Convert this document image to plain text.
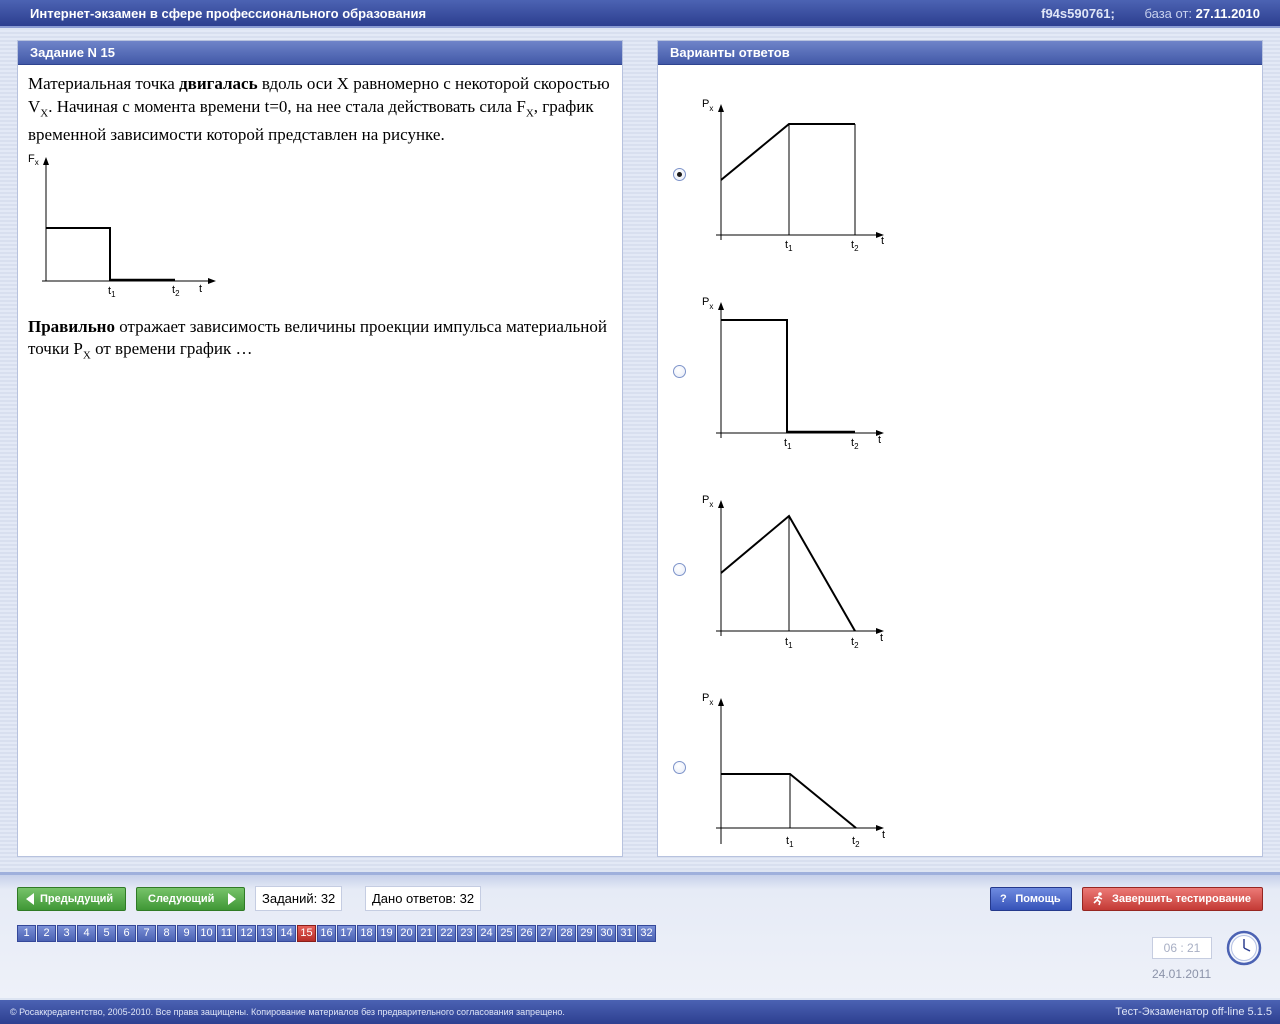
Интернет-экзамен в сфере профессионального образования	f94s590761; база от: 27.11.2010
Задание N 15
Материальная точка двигалась вдоль оси X равномерно с некоторой скоростью $V_X$. Начиная с момента времени t=0, на нее стала действовать сила $F_X$, график временной зависимости которой представлен на рисунке.
$F_x$
$t_1$	$t_2$ t
Правильно отражает зависимость величины проекции импульса материальной точки $P_X$ от времени график …
Варианты ответов
$P_x$
$t_1$	$t_2$
t
$P_x$
$t_1$	$t_2$
t
$P_x$
$t_1$	$t_2$
t
$P_x$
$t_1$	$t_2$
t
Предыдущий	Следующий	Заданий: 32	Дано ответов: 32	? Помощь	Завершить тестирование
1	2	3	4	5	6	7	8	9 10 11 12 13 14 15 16 17 18 19 20 21 22 23 24 25 26 27 28 29 30 31 32
06 : 21
24.01.2011
© Росаккредагентство, 2005-2010. Все права защищены. Копирование материалов без предварительного согласования запрещено.	Тест-Экзаменатор off-line 5.1.5
